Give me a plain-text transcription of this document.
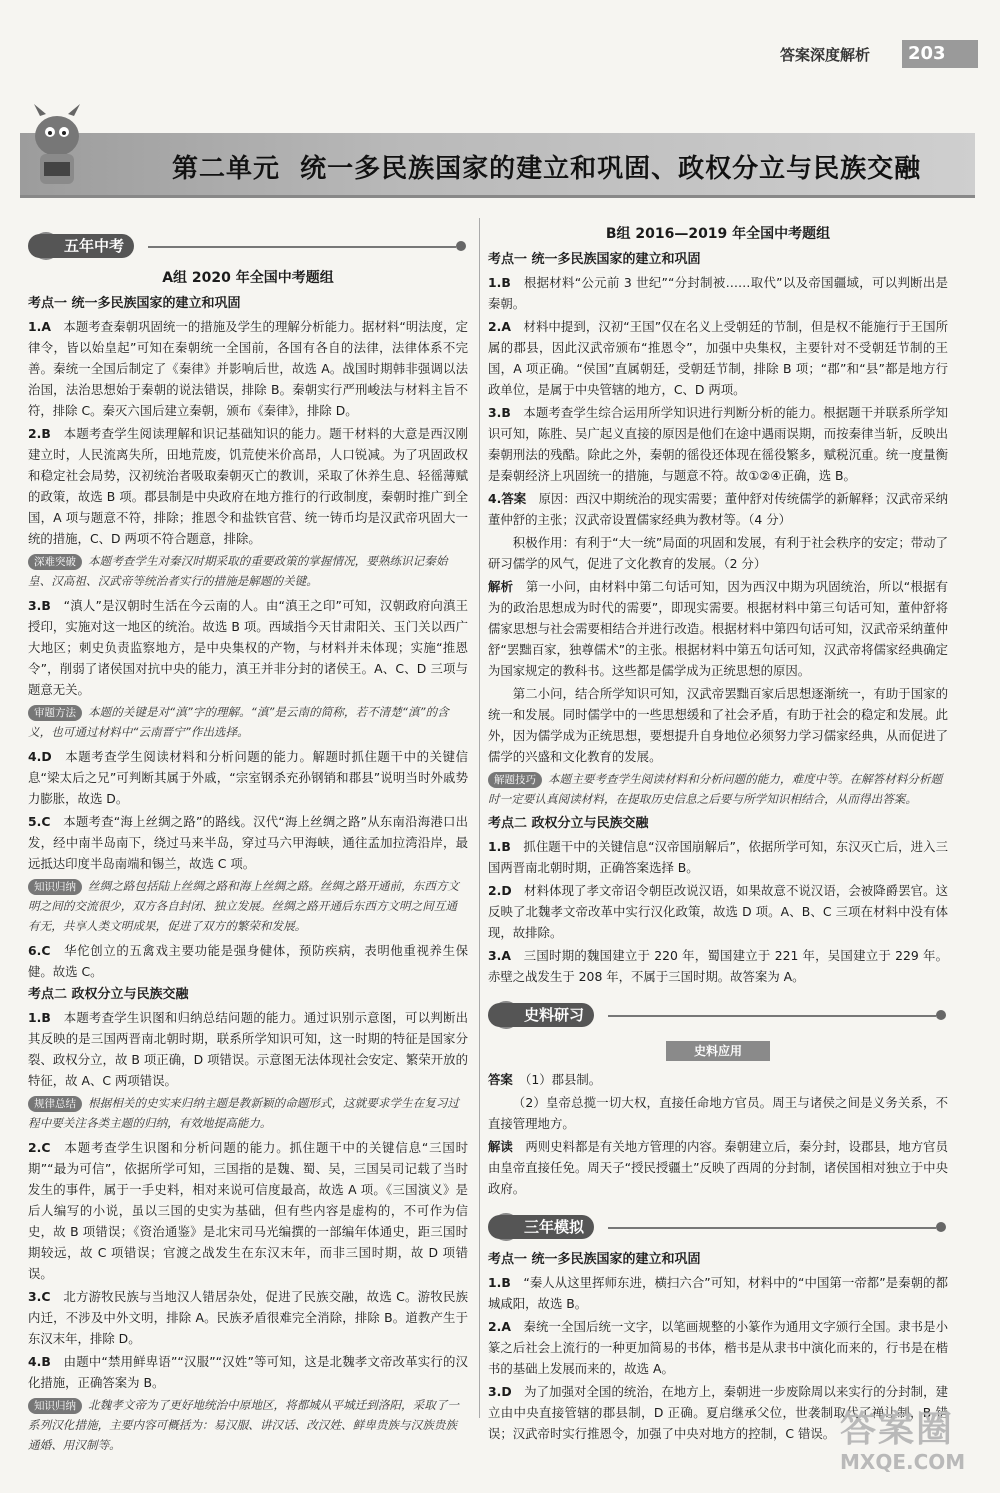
答案深度解析	203
第二单元 统一多民族国家的建立和巩固、政权分立与民族交融
五年中考
A组 2020 年全国中考题组
考点一 统一多民族国家的建立和巩固
1.A　 本题考查秦朝巩固统一的措施及学生的理解分析能力。据材料“明法度，定律令，皆以始皇起”可知在秦朝统一全国前，各国有各自的法律，法律体系不完善。秦统一全国后制定了《秦律》并影响后世，故选 A。战国时期韩非强调以法治国，法治思想始于秦朝的说法错误，排除 B。秦朝实行严刑峻法与材料主旨不符，排除 C。秦灭六国后建立秦朝，颁布《秦律》，排除 D。
2.B　 本题考查学生阅读理解和识记基础知识的能力。题干材料的大意是西汉刚建立时，人民流离失所，田地荒废，饥荒使米价高昂，人口锐减。为了巩固政权和稳定社会局势，汉初统治者吸取秦朝灭亡的教训，采取了休养生息、轻徭薄赋的政策，故选 B 项。郡县制是中央政府在地方推行的行政制度，秦朝时推广到全国，A 项与题意不符，排除；推恩令和盐铁官营、统一铸币均是汉武帝巩固大一统的措施，C、D 两项不符合题意，排除。
深难突破 本题考查学生对秦汉时期采取的重要政策的掌握情况，要熟练识记秦始皇、汉高祖、汉武帝等统治者实行的措施是解题的关键。
3.B　 “滇人”是汉朝时生活在今云南的人。由“滇王之印”可知，汉朝政府向滇王授印，实施对这一地区的统治。故选 B 项。西域指今天甘肃阳关、玉门关以西广大地区；刺史负责监察地方，是中央集权的产物，与材料并未体现；实施“推恩令”，削弱了诸侯国对抗中央的能力，滇王并非分封的诸侯王。A、C、D 三项与题意无关。
审题方法 本题的关键是对“滇”字的理解。“滇”是云南的简称，若不清楚“滇”的含义，也可通过材料中“云南晋宁”作出选择。
4.D　 本题考查学生阅读材料和分析问题的能力。解题时抓住题干中的关键信息“梁太后之兄”可判断其属于外戚，“宗室钢杀充孙钢销和郡县”说明当时外戚势力膨胀，故选 D。
5.C　 本题考查“海上丝绸之路”的路线。汉代“海上丝绸之路”从东南沿海港口出发，经中南半岛南下，绕过马来半岛，穿过马六甲海峡，通往孟加拉湾沿岸，最远抵达印度半岛南端和锡兰，故选 C 项。
知识归纳 丝绸之路包括陆上丝绸之路和海上丝绸之路。丝绸之路开通前，东西方文明之间的交流很少，双方各自封闭、独立发展。丝绸之路开通后东西方文明之间互通有无，共享人类文明成果，促进了双方的繁荣和发展。
6.C　 华佗创立的五禽戏主要功能是强身健体，预防疾病，表明他重视养生保健。故选 C。
考点二 政权分立与民族交融
1.B　 本题考查学生识图和归纳总结问题的能力。通过识别示意图，可以判断出其反映的是三国两晋南北朝时期，联系所学知识可知，这一时期的特征是国家分裂、政权分立，故 B 项正确，D 项错误。示意图无法体现社会安定、繁荣开放的特征，故 A、C 两项错误。
规律总结 根据相关的史实来归纳主题是教新颖的命题形式，这就要求学生在复习过程中要关注各类主题的归纳，有效地提高能力。
2.C　 本题考查学生识图和分析问题的能力。抓住题干中的关键信息“三国时期”“最为可信”，依据所学可知，三国指的是魏、蜀、吴，三国吴司记载了当时发生的事件，属于一手史料，相对来说可信度最高，故选 A 项。《三国演义》是后人编写的小说，虽以三国的史实为基础，但有些内容是虚构的，不可作为信史，故 B 项错误；《资治通鉴》是北宋司马光编撰的一部编年体通史，距三国时期较远，故 C 项错误；官渡之战发生在东汉末年，而非三国时期，故 D 项错误。
3.C　 北方游牧民族与当地汉人错居杂处，促进了民族交融，故选 C。游牧民族内迁，不涉及中外文明，排除 A。民族矛盾很难完全消除，排除 B。道教产生于东汉末年，排除 D。
4.B　 由题中“禁用鲜卑语”“汉服”“汉姓”等可知，这是北魏孝文帝改革实行的汉化措施，正确答案为 B。
知识归纳 北魏孝文帝为了更好地统治中原地区，将都城从平城迁到洛阳，采取了一系列汉化措施，主要内容可概括为：易汉服、讲汉话、改汉姓、鲜卑贵族与汉族贵族通婚、用汉制等。
B组 2016—2019 年全国中考题组
考点一 统一多民族国家的建立和巩固
1.B　 根据材料“公元前 3 世纪”“分封制被……取代”以及帝国疆域，可以判断出是秦朝。
2.A　 材料中提到，汉初“王国”仅在名义上受朝廷的节制，但是权不能施行于王国所属的郡县，因此汉武帝颁布“推恩令”，加强中央集权，主要针对不受朝廷节制的王国，A 项正确。“侯国”直属朝廷，受朝廷节制，排除 B 项；“郡”和“县”都是地方行政单位，是属于中央管辖的地方，C、D 两项。
3.B　 本题考查学生综合运用所学知识进行判断分析的能力。根据题干并联系所学知识可知，陈胜、吴广起义直接的原因是他们在途中遇雨误期，而按秦律当斩，反映出秦朝刑法的残酷。除此之外，秦朝的徭役还体现在徭役繁多，赋税沉重。统一度量衡是秦朝经济上巩固统一的措施，与题意不符。故①②④正确，选 B。
4.答案　 原因：西汉中期统治的现实需要；董仲舒对传统儒学的新解释；汉武帝采纳董仲舒的主张；汉武帝设置儒家经典为教材等。（4 分）
积极作用：有利于“大一统”局面的巩固和发展，有利于社会秩序的安定；带动了研习儒学的风气，促进了文化教育的发展。（2 分）
解析　 第一小问，由材料中第二句话可知，因为西汉中期为巩固统治，所以“根据有为的政治思想成为时代的需要”，即现实需要。根据材料中第三句话可知，董仲舒将儒家思想与社会需要相结合并进行改造。根据材料中第四句话可知，汉武帝采纳董仲舒“罢黜百家，独尊儒术”的主张。根据材料中第五句话可知，汉武帝将儒家经典确定为国家规定的教科书。这些都是儒学成为正统思想的原因。
第二小问，结合所学知识可知，汉武帝罢黜百家后思想逐渐统一，有助于国家的统一和发展。同时儒学中的一些思想缓和了社会矛盾，有助于社会的稳定和发展。此外，因为儒学成为正统思想，要想提升自身地位必须努力学习儒家经典，从而促进了儒学的兴盛和文化教育的发展。
解题技巧 本题主要考查学生阅读材料和分析问题的能力，难度中等。在解答材料分析题时一定要认真阅读材料，在提取历史信息之后要与所学知识相结合，从而得出答案。
考点二 政权分立与民族交融
1.B　 抓住题干中的关键信息“汉帝国崩解后”，依据所学可知，东汉灭亡后，进入三国两晋南北朝时期，正确答案选择 B。
2.D　 材料体现了孝文帝诏令朝臣改说汉语，如果故意不说汉语，会被降爵罢官。这反映了北魏孝文帝改革中实行汉化政策，故选 D 项。A、B、C 三项在材料中没有体现，故排除。
3.A　 三国时期的魏国建立于 220 年，蜀国建立于 221 年，吴国建立于 229 年。赤壁之战发生于 208 年，不属于三国时期。故答案为 A。
史料研习
史料应用
答案　 （1）郡县制。
（2）皇帝总揽一切大权，直接任命地方官员。周王与诸侯之间是义务关系，不直接管理地方。
解读　 两则史料都是有关地方管理的内容。秦朝建立后，秦分封，设郡县，地方官员由皇帝直接任免。周天子“授民授疆土”反映了西周的分封制，诸侯国相对独立于中央政府。
三年模拟
考点一 统一多民族国家的建立和巩固
1.B　 “秦人从这里挥师东进，横扫六合”可知，材料中的“中国第一帝都”是秦朝的都城咸阳，故选 B。
2.A　 秦统一全国后统一文字，以笔画规整的小篆作为通用文字颁行全国。隶书是小篆之后社会上流行的一种更加简易的书体，楷书是从隶书中演化而来的，行书是在楷书的基础上发展而来的，故选 A。
3.D　 为了加强对全国的统治，在地方上，秦朝进一步废除周以来实行的分封制，建立由中央直接管辖的郡县制，D 正确。夏启继承父位，世袭制取代了禅让制，B 错误；汉武帝时实行推恩令，加强了中央对地方的控制，C 错误。 答案圈
MXQE.COM
